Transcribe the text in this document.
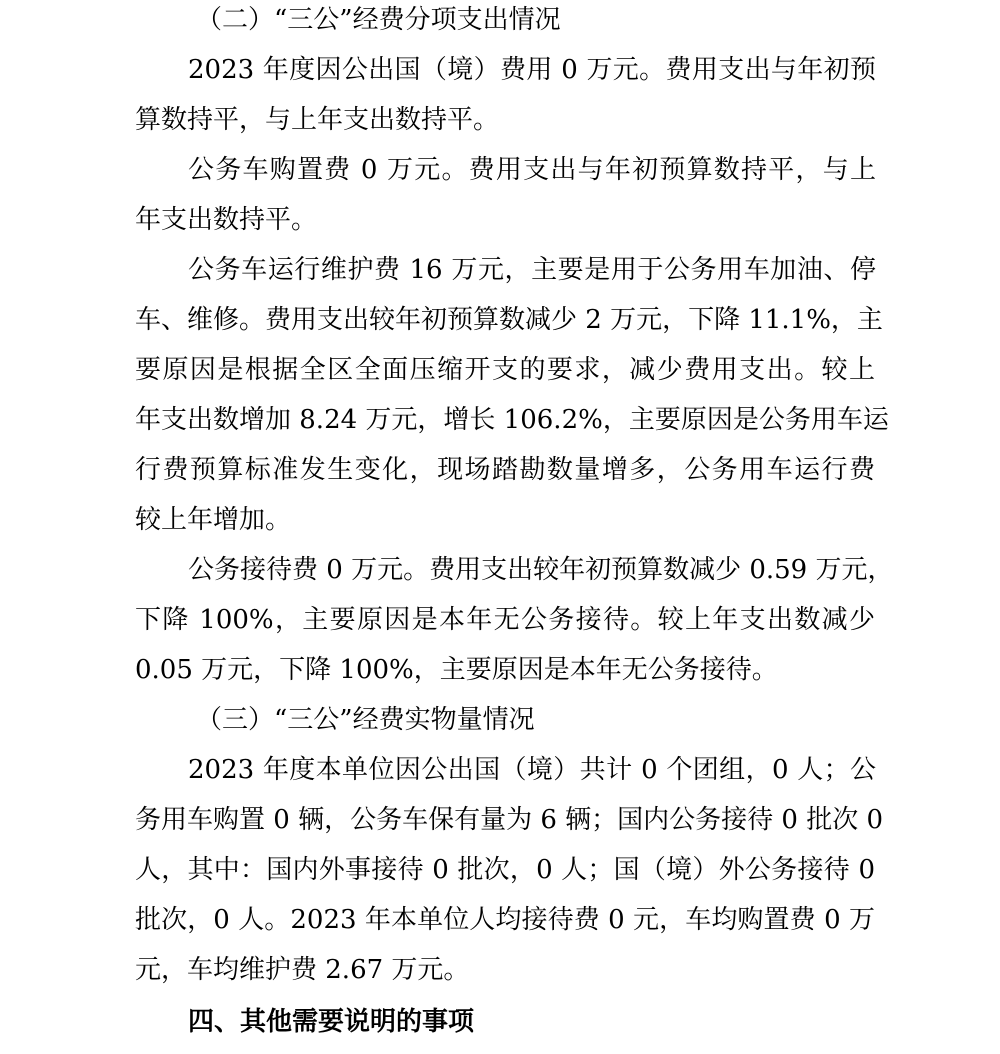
（二）“三公”经费分项支出情况
2023 年度因公出国（境）费用 0 万元。费用支出与年初预
算数持平，与上年支出数持平。
公务车购置费 0 万元。费用支出与年初预算数持平，与上
年支出数持平。
公务车运行维护费 16 万元，主要是用于公务用车加油、停
车、维修。费用支出较年初预算数减少 2 万元，下降 11.1%，主
要原因是根据全区全面压缩开支的要求，减少费用支出。较上
年支出数增加 8.24 万元，增长 106.2%，主要原因是公务用车运
行费预算标准发生变化，现场踏勘数量增多，公务用车运行费
较上年增加。
公务接待费 0 万元。费用支出较年初预算数减少 0.59 万元，
下降 100%，主要原因是本年无公务接待。较上年支出数减少
0.05 万元，下降 100%，主要原因是本年无公务接待。
（三）“三公”经费实物量情况
2023 年度本单位因公出国（境）共计 0 个团组，0 人；公
务用车购置 0 辆，公务车保有量为 6 辆；国内公务接待 0 批次 0
人，其中：国内外事接待 0 批次，0 人；国（境）外公务接待 0
批次，0 人。2023 年本单位人均接待费 0 元，车均购置费 0 万
元，车均维护费 2.67 万元。
四、其他需要说明的事项
